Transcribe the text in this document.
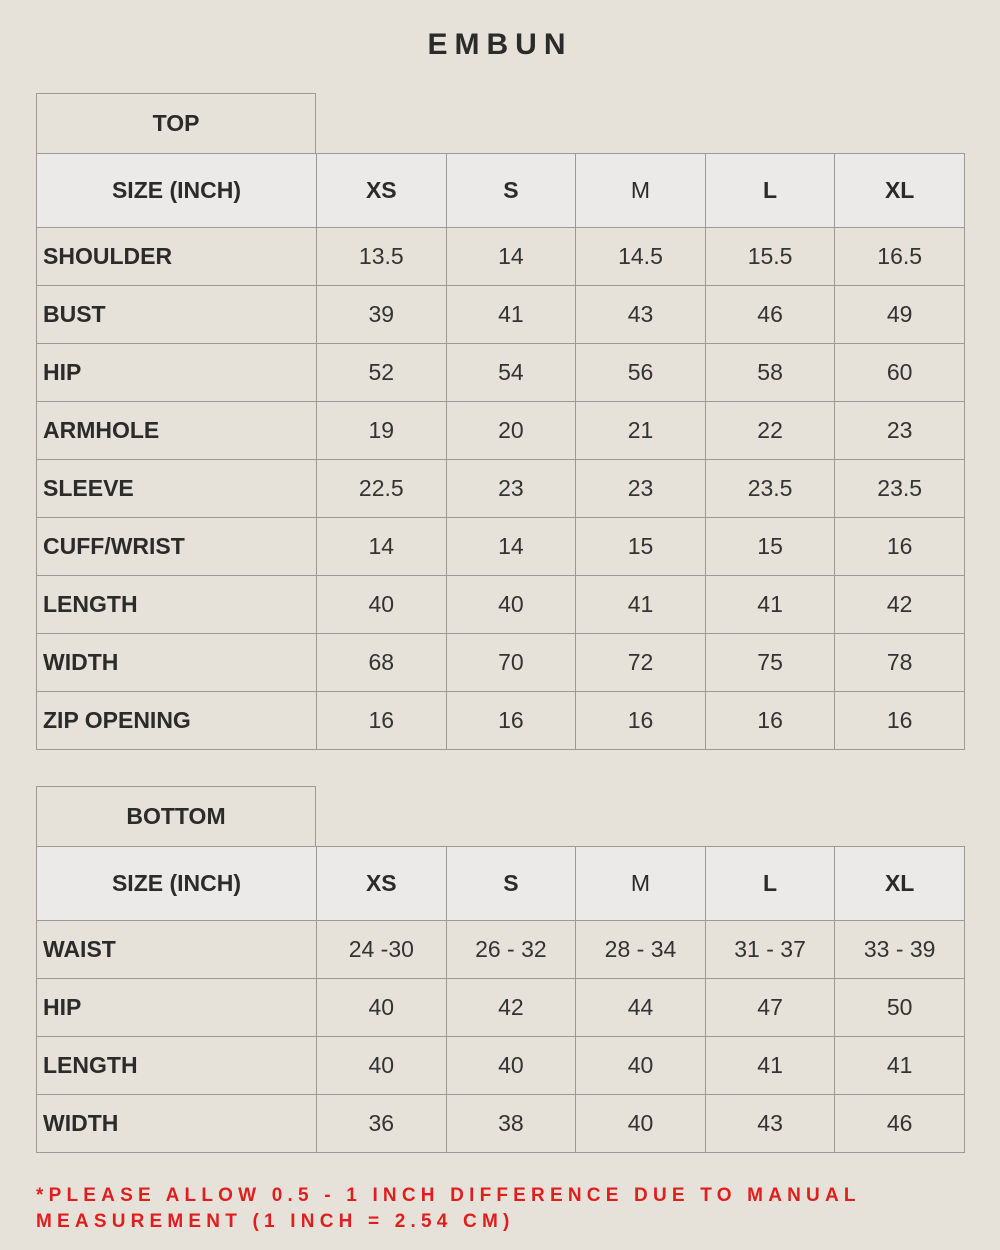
EMBUN
TOP
SIZE (INCH)	XS	S	M	L	XL
SHOULDER	13.5	14	14.5	15.5	16.5
BUST	39	41	43	46	49
HIP	52	54	56	58	60
ARMHOLE	19	20	21	22	23
SLEEVE	22.5	23	23	23.5	23.5
CUFF/WRIST	14	14	15	15	16
LENGTH	40	40	41	41	42
WIDTH	68	70	72	75	78
ZIP OPENING	16	16	16	16	16
BOTTOM
SIZE (INCH)	XS	S	M	L	XL
WAIST	24 -30	26 - 32	28 - 34	31 - 37	33 - 39
HIP	40	42	44	47	50
LENGTH	40	40	40	41	41
WIDTH	36	38	40	43	46
*PLEASE ALLOW 0.5 - 1 INCH DIFFERENCE DUE TO MANUAL
MEASUREMENT (1 INCH = 2.54 CM)
